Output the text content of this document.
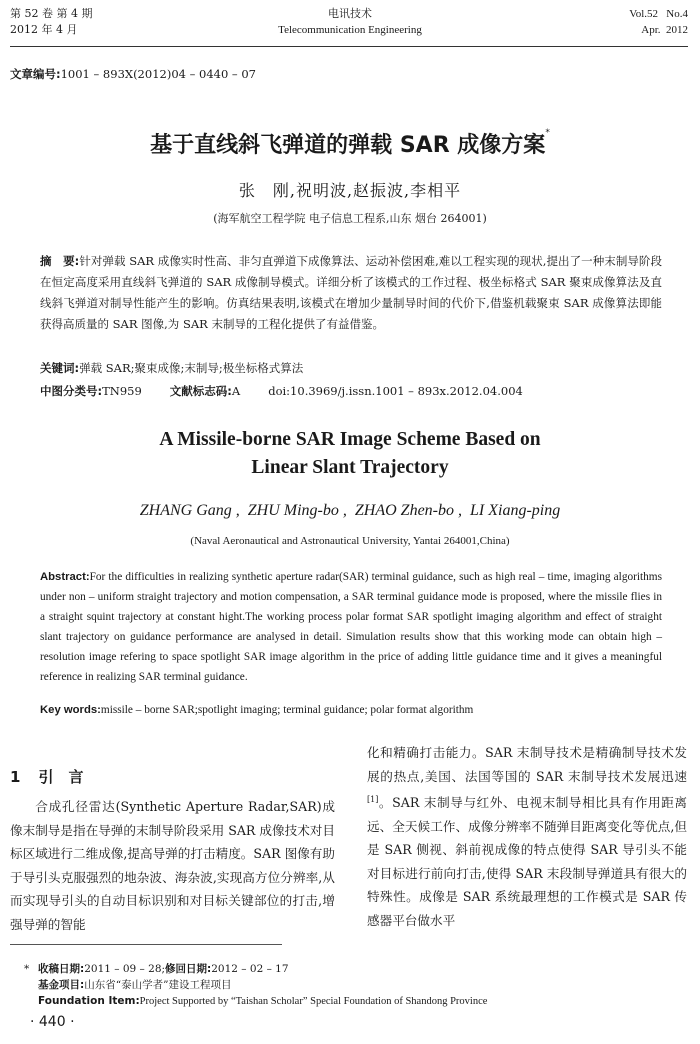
第 52 卷 第 4 期
2012 年 4 月
电讯技术
Telecommunication Engineering
Vol.52   No.4
Apr.  2012
文章编号:1001 – 893X(2012)04 – 0440 – 07
基于直线斜飞弹道的弹载 SAR 成像方案*
张　刚,祝明波,赵振波,李相平
(海军航空工程学院 电子信息工程系,山东 烟台 264001)
摘　要:针对弹载 SAR 成像实时性高、非匀直弹道下成像算法、运动补偿困难,难以工程实现的现状,提出了一种末制导阶段在恒定高度采用直线斜飞弹道的 SAR 成像制导模式。详细分析了该模式的工作过程、极坐标格式 SAR 聚束成像算法及直线斜飞弹道对制导性能产生的影响。仿真结果表明,该模式在增加少量制导时间的代价下,借鉴机载聚束 SAR 成像算法即能获得高质量的 SAR 图像,为 SAR 末制导的工程化提供了有益借鉴。
关键词:弹载 SAR;聚束成像;末制导;极坐标格式算法
中图分类号:TN959 文献标志码:A doi:10.3969/j.issn.1001 – 893x.2012.04.004
A Missile-borne SAR Image Scheme Based on
Linear Slant Trajectory
ZHANG Gang ,  ZHU Ming-bo ,  ZHAO Zhen-bo ,  LI Xiang-ping
(Naval Aeronautical and Astronautical University, Yantai 264001,China)
Abstract:For the difficulties in realizing synthetic aperture radar(SAR) terminal guidance, such as high real – time, imaging algorithms under non – uniform straight trajectory and motion compensation, a SAR terminal guidance mode is proposed, where the missile flies in a straight squint trajectory at constant hight.The working process polar format SAR spotlight imaging algorithm and effect of straight slant trajectory on guidance performance are analysed in detail. Simulation results show that this working mode can obtain high – resolution image refering to space spotlight SAR image algorithm in the price of adding little guidance time and it gives a meaningful reference in realizing SAR terminal guidance.
Key words:missile – borne SAR;spotlight imaging; terminal guidance; polar format algorithm
1 引　言

合成孔径雷达(Synthetic Aperture Radar,SAR)成像末制导是指在导弹的末制导阶段采用 SAR 成像技术对目标区域进行二维成像,提高导弹的打击精度。SAR 图像有助于导引头克服强烈的地杂波、海杂波,实现高方位分辨率,从而实现导引头的自动目标识别和对目标关键部位的打击,增强导弹的智能

化和精确打击能力。SAR 末制导技术是精确制导技术发展的热点,美国、法国等国的 SAR 末制导技术发展迅速[1]。SAR 末制导与红外、电视末制导相比具有作用距离远、全天候工作、成像分辨率不随弹目距离变化等优点,但是 SAR 侧视、斜前视成像的特点使得 SAR 导引头不能对目标进行前向打击,使得 SAR 末段制导弹道具有很大的特殊性。成像是 SAR 系统最理想的工作模式是 SAR 传感器平台做水平

* 收稿日期:2011 – 09 – 28;修回日期:2012 – 02 – 17
基金项目:山东省“泰山学者”建设工程项目
Foundation Item:Project Supported by “Taishan Scholar” Special Foundation of Shandong Province
· 440 ·
